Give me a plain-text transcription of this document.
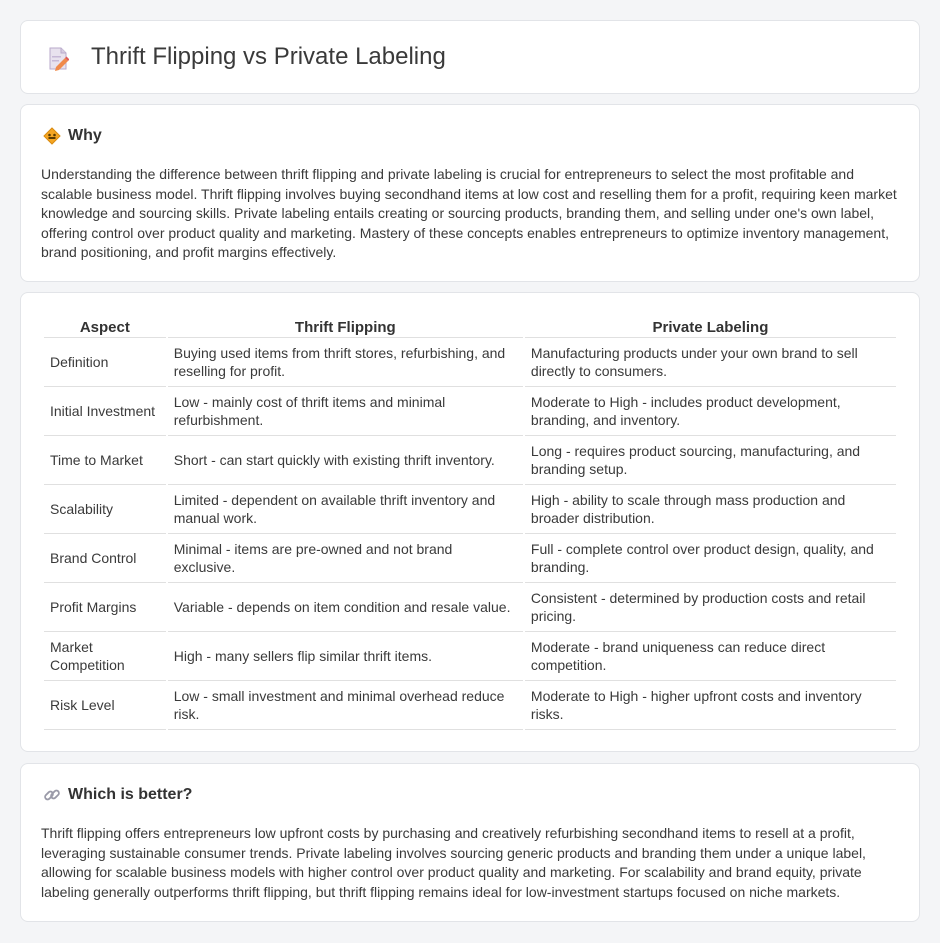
Thrift Flipping vs Private Labeling
Why

Understanding the difference between thrift flipping and private labeling is crucial for entrepreneurs to select the most profitable and scalable business model. Thrift flipping involves buying secondhand items at low cost and reselling them for a profit, requiring keen market knowledge and sourcing skills. Private labeling entails creating or sourcing products, branding them, and selling under one's own label, offering control over product quality and marketing. Mastery of these concepts enables entrepreneurs to optimize inventory management, brand positioning, and profit margins effectively.

Aspect	Thrift Flipping	Private Labeling
Definition	Buying used items from thrift stores, refurbishing, and reselling for profit.	Manufacturing products under your own brand to sell directly to consumers.
Initial Investment	Low - mainly cost of thrift items and minimal refurbishment.	Moderate to High - includes product development, branding, and inventory.
Time to Market	Short - can start quickly with existing thrift inventory.	Long - requires product sourcing, manufacturing, and branding setup.
Scalability	Limited - dependent on available thrift inventory and manual work.	High - ability to scale through mass production and broader distribution.
Brand Control	Minimal - items are pre-owned and not brand exclusive.	Full - complete control over product design, quality, and branding.
Profit Margins	Variable - depends on item condition and resale value.	Consistent - determined by production costs and retail pricing.
Market Competition	High - many sellers flip similar thrift items.	Moderate - brand uniqueness can reduce direct competition.
Risk Level	Low - small investment and minimal overhead reduce risk.	Moderate to High - higher upfront costs and inventory risks.
Which is better?

Thrift flipping offers entrepreneurs low upfront costs by purchasing and creatively refurbishing secondhand items to resell at a profit, leveraging sustainable consumer trends. Private labeling involves sourcing generic products and branding them under a unique label, allowing for scalable business models with higher control over product quality and marketing. For scalability and brand equity, private labeling generally outperforms thrift flipping, but thrift flipping remains ideal for low-investment startups focused on niche markets.
